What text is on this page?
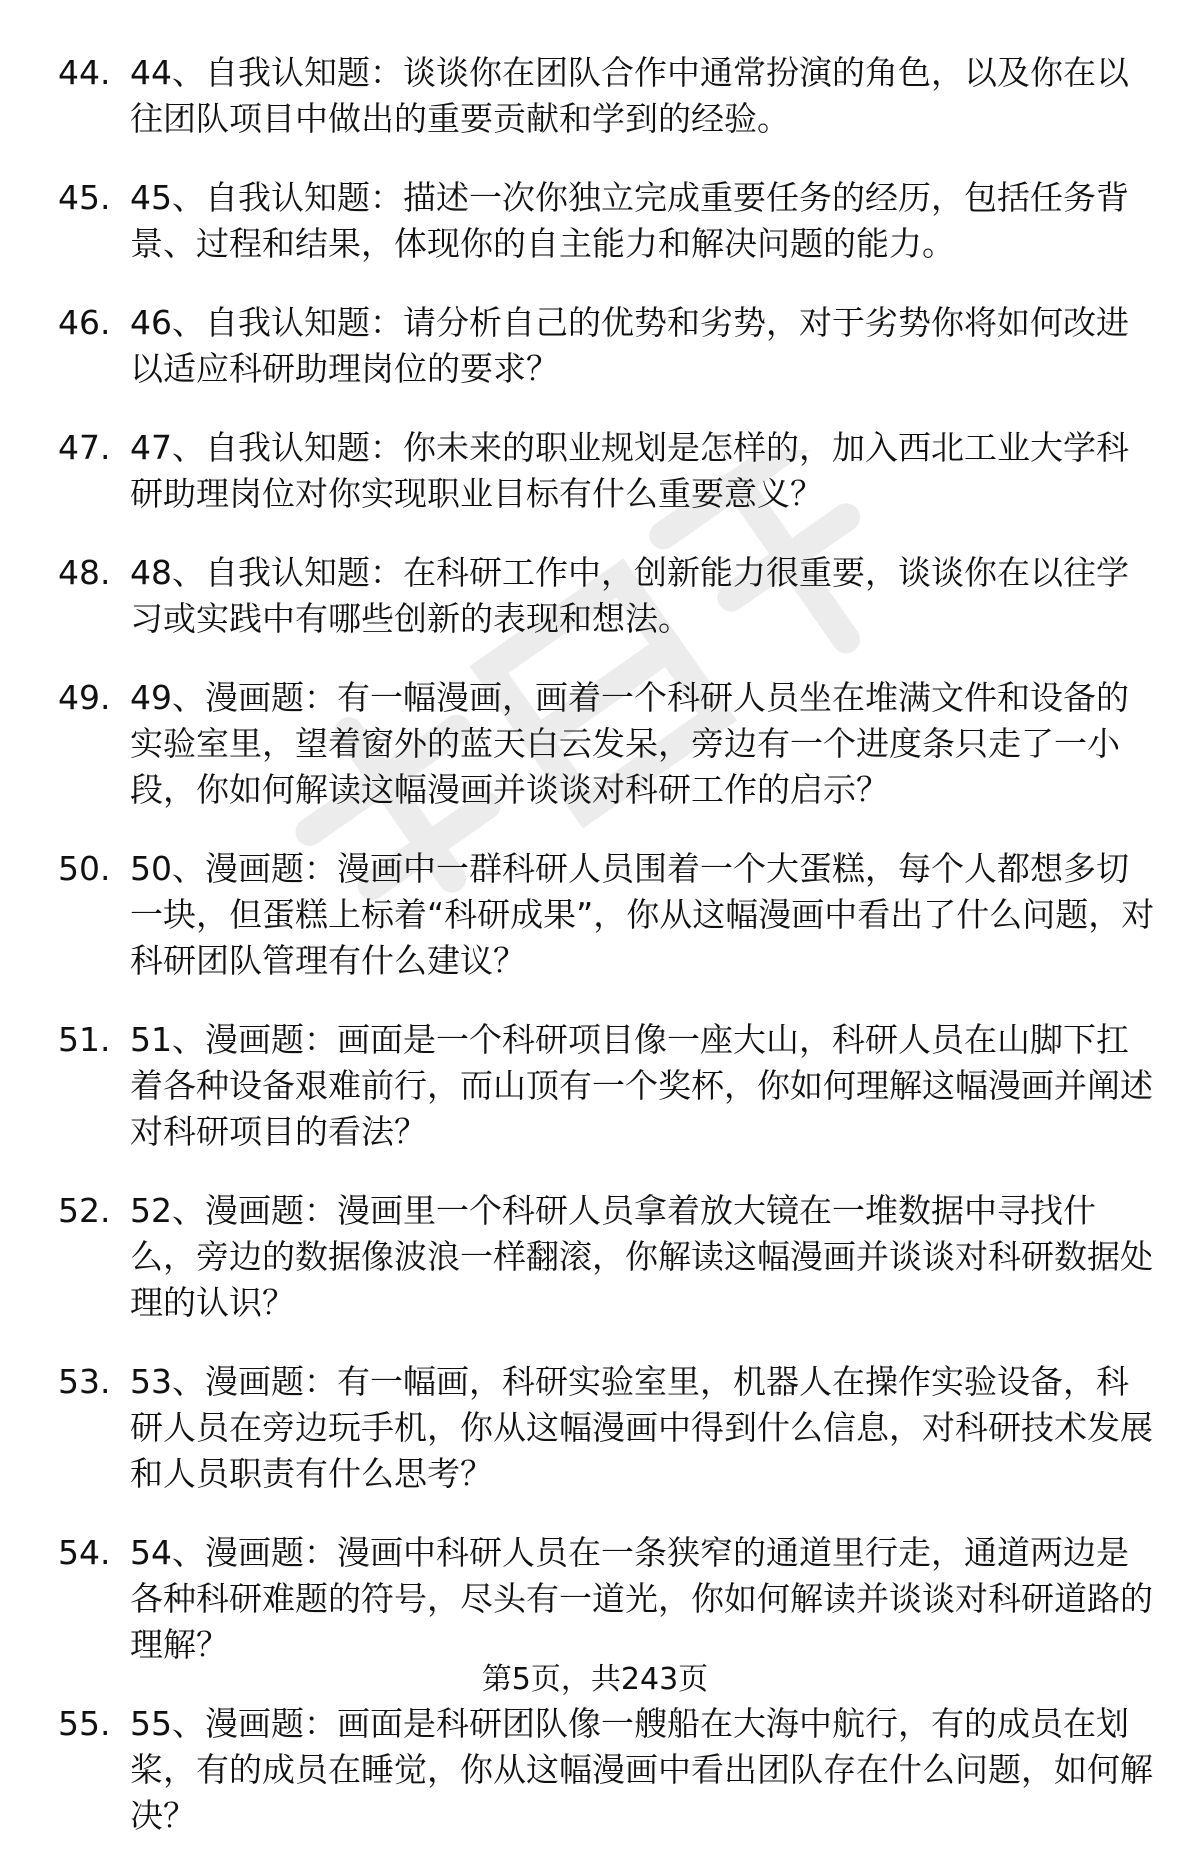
44. 44、自我认知题：谈谈你在团队合作中通常扮演的角色，以及你在以往团队项目中做出的重要贡献和学到的经验。
45. 45、自我认知题：描述一次你独立完成重要任务的经历，包括任务背景、过程和结果，体现你的自主能力和解决问题的能力。
46. 46、自我认知题：请分析自己的优势和劣势，对于劣势你将如何改进以适应科研助理岗位的要求？
47. 47、自我认知题：你未来的职业规划是怎样的，加入西北工业大学科研助理岗位对你实现职业目标有什么重要意义？
48. 48、自我认知题：在科研工作中，创新能力很重要，谈谈你在以往学习或实践中有哪些创新的表现和想法。
49. 49、漫画题：有一幅漫画，画着一个科研人员坐在堆满文件和设备的实验室里，望着窗外的蓝天白云发呆，旁边有一个进度条只走了一小段，你如何解读这幅漫画并谈谈对科研工作的启示？
50. 50、漫画题：漫画中一群科研人员围着一个大蛋糕，每个人都想多切一块，但蛋糕上标着“科研成果”，你从这幅漫画中看出了什么问题，对科研团队管理有什么建议？
51. 51、漫画题：画面是一个科研项目像一座大山，科研人员在山脚下扛着各种设备艰难前行，而山顶有一个奖杯，你如何理解这幅漫画并阐述对科研项目的看法？
52. 52、漫画题：漫画里一个科研人员拿着放大镜在一堆数据中寻找什么，旁边的数据像波浪一样翻滚，你解读这幅漫画并谈谈对科研数据处理的认识？
53. 53、漫画题：有一幅画，科研实验室里，机器人在操作实验设备，科研人员在旁边玩手机，你从这幅漫画中得到什么信息，对科研技术发展和人员职责有什么思考？
54. 54、漫画题：漫画中科研人员在一条狭窄的通道里行走，通道两边是各种科研难题的符号，尽头有一道光，你如何解读并谈谈对科研道路的理解？
55. 55、漫画题：画面是科研团队像一艘船在大海中航行，有的成员在划桨，有的成员在睡觉，你从这幅漫画中看出团队存在什么问题，如何解决？
第5页，共243页
